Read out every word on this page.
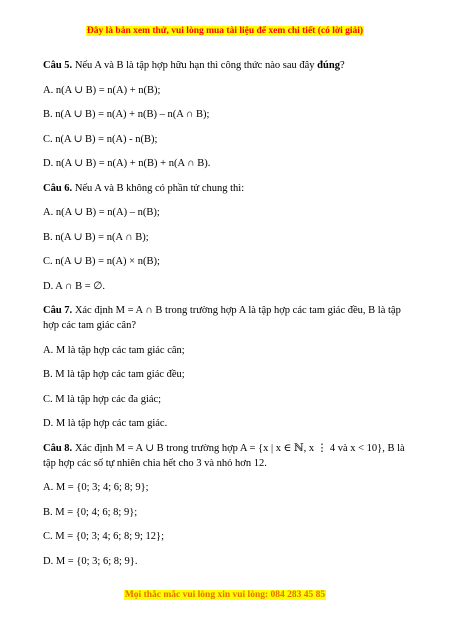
Đây là bản xem thử, vui lòng mua tài liệu để xem chi tiết (có lời giải)
Câu 5. Nếu A và B là tập hợp hữu hạn thì công thức nào sau đây đúng?
A. n(A ∪ B) = n(A) + n(B);
B. n(A ∪ B) = n(A) + n(B) – n(A ∩ B);
C. n(A ∪ B) = n(A) - n(B);
D. n(A ∪ B) = n(A) + n(B) + n(A ∩ B).
Câu 6. Nếu A và B không có phần tử chung thì:
A. n(A ∪ B) = n(A) – n(B);
B. n(A ∪ B) = n(A ∩ B);
C. n(A ∪ B) = n(A) × n(B);
D. A ∩ B = ∅.
Câu 7. Xác định M = A ∩ B trong trường hợp A là tập hợp các tam giác đều, B là tập hợp các tam giác cân?
A. M là tập hợp các tam giác cân;
B. M là tập hợp các tam giác đều;
C. M là tập hợp các đa giác;
D. M là tập hợp các tam giác.
Câu 8. Xác định M = A ∪ B trong trường hợp A = {x | x ∈ ℕ, x ⋮ 4 và x < 10}, B là tập hợp các số tự nhiên chia hết cho 3 và nhỏ hơn 12.
A. M = {0; 3; 4; 6; 8; 9};
B. M = {0; 4; 6; 8; 9};
C. M = {0; 3; 4; 6; 8; 9; 12};
D. M = {0; 3; 6; 8; 9}.
Mọi thắc mắc vui lòng xin vui lòng: 084 283 45 85
